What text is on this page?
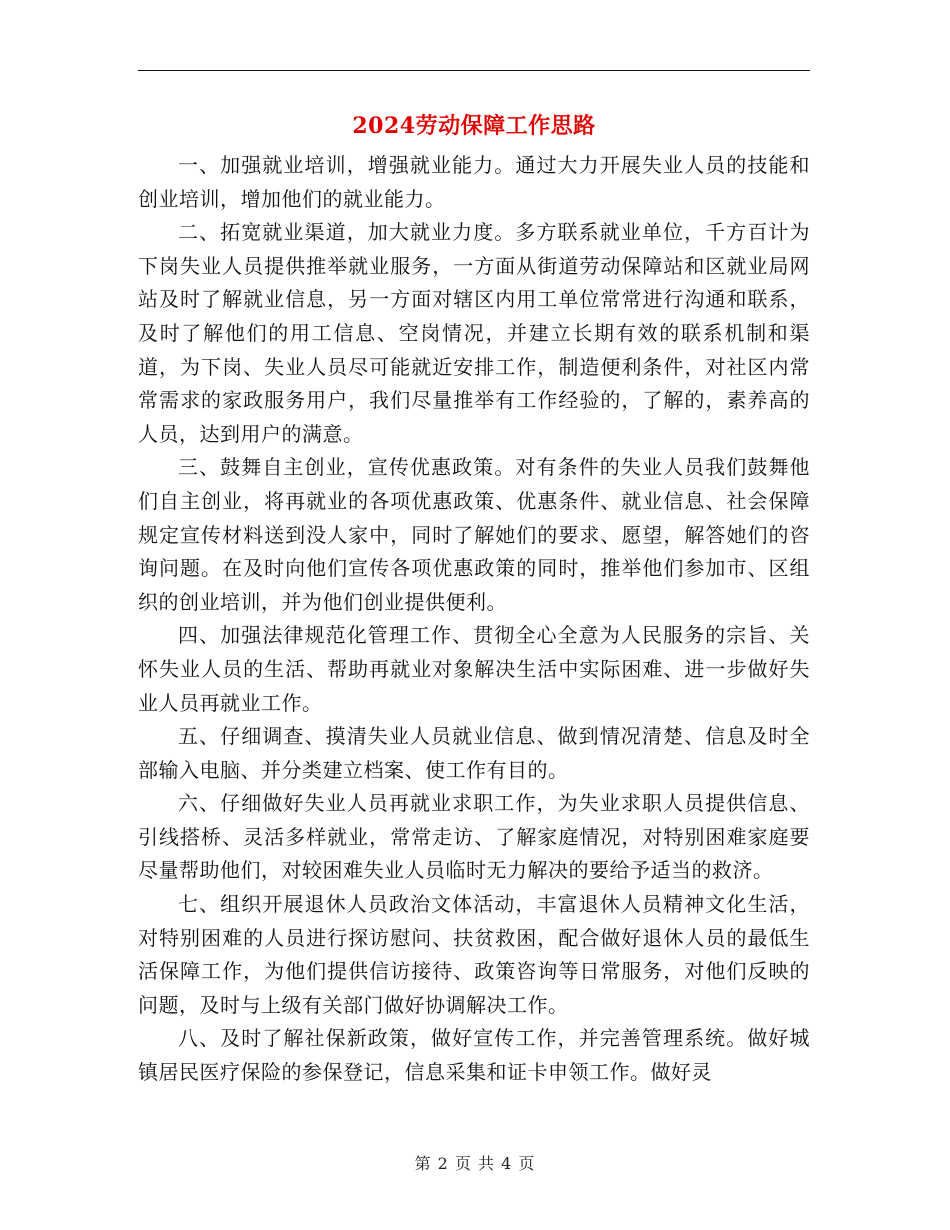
2024劳动保障工作思路

一、加强就业培训，增强就业能力。通过大力开展失业人员的技能和创业培训，增加他们的就业能力。

二、拓宽就业渠道，加大就业力度。多方联系就业单位，千方百计为下岗失业人员提供推举就业服务，一方面从街道劳动保障站和区就业局网站及时了解就业信息，另一方面对辖区内用工单位常常进行沟通和联系，及时了解他们的用工信息、空岗情况，并建立长期有效的联系机制和渠道，为下岗、失业人员尽可能就近安排工作，制造便利条件，对社区内常常需求的家政服务用户，我们尽量推举有工作经验的，了解的，素养高的人员，达到用户的满意。

三、鼓舞自主创业，宣传优惠政策。对有条件的失业人员我们鼓舞他们自主创业，将再就业的各项优惠政策、优惠条件、就业信息、社会保障规定宣传材料送到没人家中，同时了解她们的要求、愿望，解答她们的咨询问题。在及时向他们宣传各项优惠政策的同时，推举他们参加市、区组织的创业培训，并为他们创业提供便利。

四、加强法律规范化管理工作、贯彻全心全意为人民服务的宗旨、关怀失业人员的生活、帮助再就业对象解决生活中实际困难、进一步做好失业人员再就业工作。

五、仔细调查、摸清失业人员就业信息、做到情况清楚、信息及时全部输入电脑、并分类建立档案、使工作有目的。

六、仔细做好失业人员再就业求职工作，为失业求职人员提供信息、引线搭桥、灵活多样就业，常常走访、了解家庭情况，对特别困难家庭要尽量帮助他们，对较困难失业人员临时无力解决的要给予适当的救济。

七、组织开展退休人员政治文体活动，丰富退休人员精神文化生活，对特别困难的人员进行探访慰问、扶贫救困，配合做好退休人员的最低生活保障工作，为他们提供信访接待、政策咨询等日常服务，对他们反映的问题，及时与上级有关部门做好协调解决工作。

八、及时了解社保新政策，做好宣传工作，并完善管理系统。做好城镇居民医疗保险的参保登记，信息采集和证卡申领工作。做好灵

第 2 页 共 4 页
